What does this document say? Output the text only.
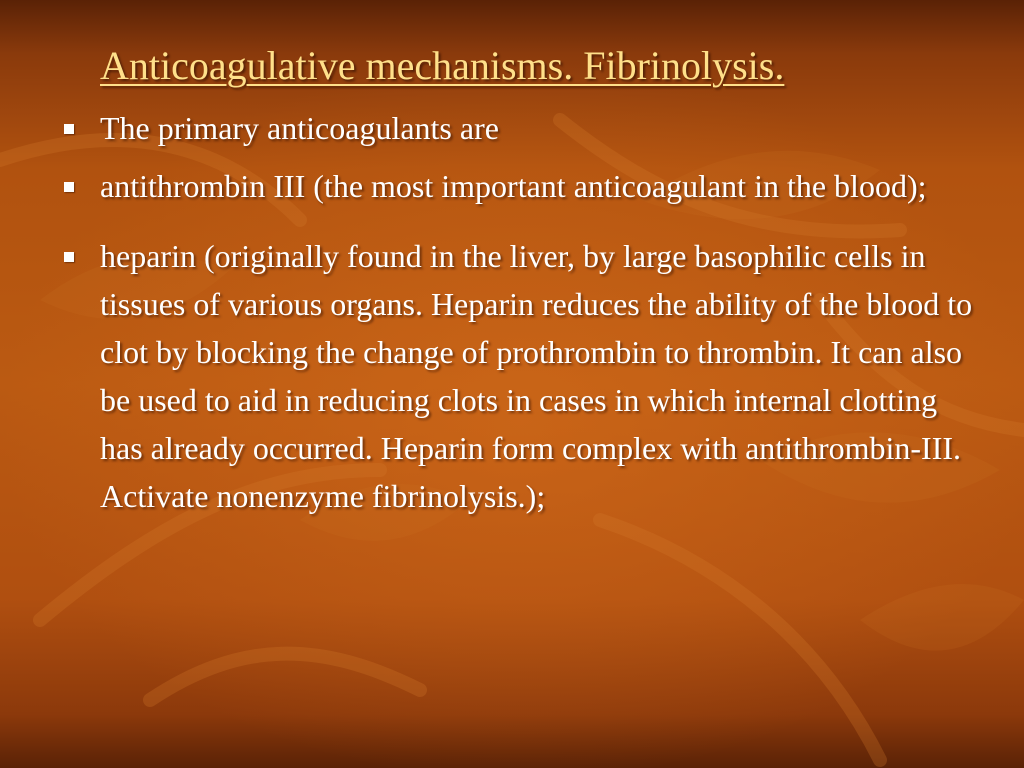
Anticoagulative mechanisms. Fibrinolysis.
The primary anticoagulants are
antithrombin III (the most important anticoagulant in the blood);
heparin (originally found in the liver, by large basophilic cells in tissues of various organs. Heparin reduces the ability of the blood to clot by blocking the change of prothrombin to thrombin. It can also be used to aid in reducing clots in cases in which internal clotting has already occurred. Heparin form complex with antithrombin-III. Activate nonenzyme fibrinolysis.);
